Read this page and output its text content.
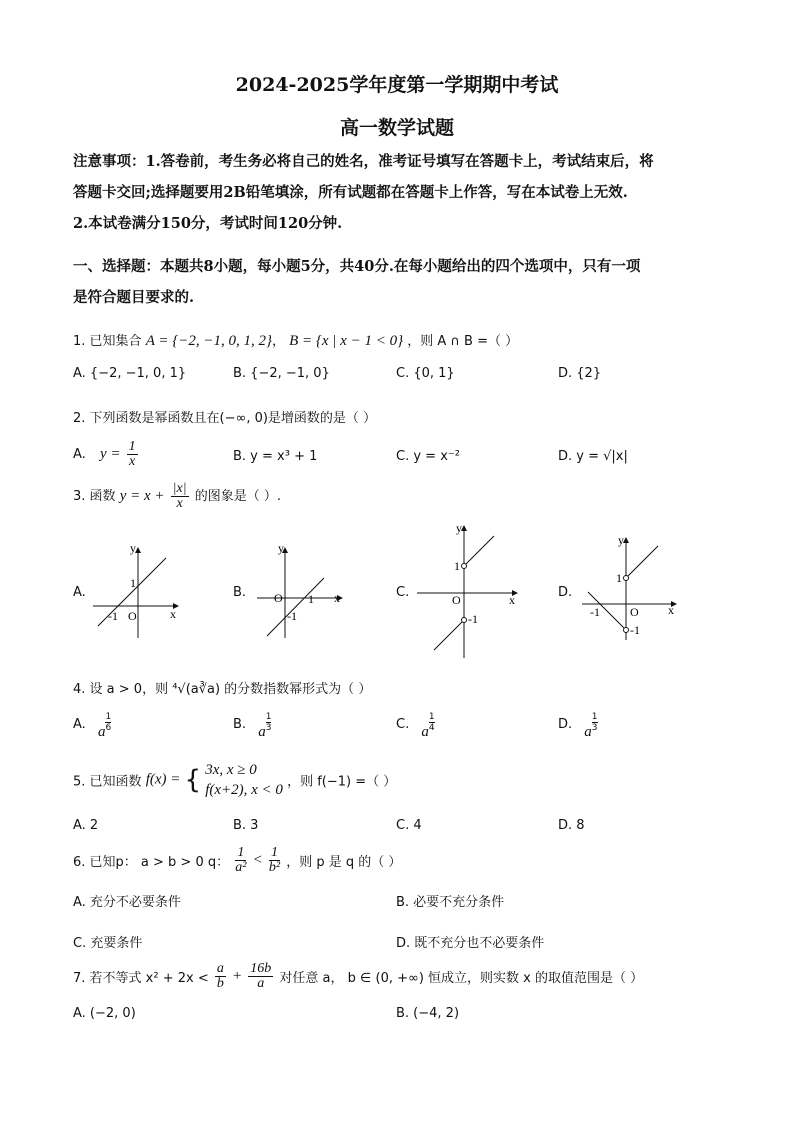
2024-2025学年度第一学期期中考试
高一数学试题
注意事项：1.答卷前，考生务必将自己的姓名，准考证号填写在答题卡上，考试结束后，将
答题卡交回;选择题要用2B铅笔填涂，所有试题都在答题卡上作答，写在本试卷上无效.
2.本试卷满分150分，考试时间120分钟.
一、选择题：本题共8小题，每小题5分，共40分.在每小题给出的四个选项中，只有一项
是符合题目要求的.
1. 已知集合 A = {−2, −1, 0, 1, 2}， B = {x | x − 1 < 0} ，则 A ∩ B =（ ）
A. {−2, −1, 0, 1}	B. {−2, −1, 0}	C. {0, 1}	D. {2}
2. 下列函数是幂函数且在(−∞, 0)是增函数的是（ ）
A. $y = \frac{1}{x}$	B. y = x³ + 1	C. y = x⁻²	D. y = √|x|
3. 函数 $y = x + \frac{|x|}{x}$ 的图象是（ ）.
A.
y
x
1
-1 O
B.
y
x
O 1
-1
C.
y
x
O
1
-1
D.
y
x
O
1
-1
-1
4. 设 a > 0，则 ⁴√(a∛a) 的分数指数幂形式为（ ）
A. a $\frac{1}{6}$	B. a $\frac{1}{3}$	C. a $\frac{1}{4}$	D. a $\frac{1}{3}$
5. 已知函数 f(x) = { 3x, x ≥ 0
f(x+2), x < 0 ，则 f(−1) =（ ）
A. 2	B. 3	C. 4	D. 8
6. 已知p： a > b > 0 q： $\frac{1}{\text{a²}} < \frac{1}{\text{b²}}$ ，则 p 是 q 的（ ）
A. 充分不必要条件	B. 必要不充分条件
C. 充要条件	D. 既不充分也不必要条件
7. 若不等式 $x^2 + 2x < \frac{a}{b} + \frac{16b}{a}$ 对任意 a， b ∈ (0, +∞) 恒成立，则实数 x 的取值范围是（ ）
A. (−2, 0)	B. (−4, 2)
